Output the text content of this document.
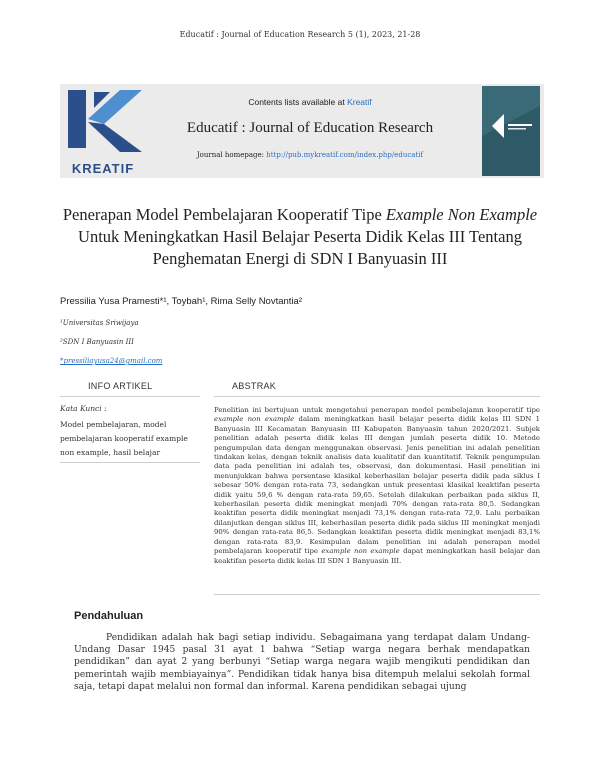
Educatif : Journal of Education Research 5 (1), 2023, 21-28
KREATIF
Contents lists available at Kreatif
Educatif : Journal of Education Research
Journal homepage: http://pub.mykreatif.com/index.php/educatif
Penerapan Model Pembelajaran Kooperatif Tipe Example Non Example Untuk Meningkatkan Hasil Belajar Peserta Didik Kelas III Tentang Penghematan Energi di SDN I Banyuasin III
Pressilia Yusa Pramesti*¹, Toybah¹, Rima Selly Novtantia²
¹Universitas Sriwijaya
²SDN I Banyuasin III
*pressiliayusa24@gmail.com
INFO ARTIKEL	ABSTRAK
Kata Kunci :
Model pembelajaran, model pembelajaran kooperatif example non example, hasil belajar
Penelitian ini bertujuan untuk mengetahui penerapan model pembelajamn kooperatif tipe example non example dalam meningkatkan hasil belajar peserta didik kelas III SDN 1 Banyuasin III Kecamatan Banyuasin III Kabupaten Banyuasin tahun 2020/2021. Subjek penelitian adalah peserta didik kelas III dengan jumlah peserta didik 10. Metode pengumpulan data dengan menggunakan observasi. Jenis penelitian ini adalah penelitian tindakan kelas, dengan teknik analisis data kualitatif dan kuantitatif. Teknik pengumpulan data pada penelitian ini adalah tes, observasi, dan dokumentasi. Hasil penelitian ini menunjukkan bahwa persentase klasikal keberhasilan belajar peserta didik pada siklus I sebesar 50% dengan rata-rata 73, sedangkan untuk presentasi klasikal keaktifan peserta didik yaitu 59,6 % dengan rata-rata 59,65. Setelah dilakukan perbaikan pada siklus II, keberhasilan peserta didik meningkat menjadi 70% dengan rata-rata 80,5. Sedangkan keaktifan peserta didik meningkat menjadi 73,1% dengan rata-rata 72,9. Lalu perbaikan dilanjutkan dengan siklus III, keberhasilan peserta didik pada siklus III meningkat menjadi 90% dengan rata-rata 86,5. Sedangkan keaktifan peserta didik meningkat menjadi 83,1% dengan rata-rata 83,9. Kesimpulan dalam penelitian ini adalah penerapan model pembelajaran kooperatif tipe example non example dapat meningkatkan hasil belajar dan keaktifan peserta didik kelas III SDN 1 Banyuasin III.
Pendahuluan
Pendidikan adalah hak bagi setiap individu. Sebagaimana yang terdapat dalam Undang-Undang Dasar 1945 pasal 31 ayat 1 bahwa “Setiap warga negara berhak mendapatkan pendidikan” dan ayat 2 yang berbunyi “Setiap warga negara wajib mengikuti pendidikan dan pemerintah wajib membiayainya”. Pendidikan tidak hanya bisa ditempuh melalui sekolah formal saja, tetapi dapat melalui non formal dan informal. Karena pendidikan sebagai ujung
